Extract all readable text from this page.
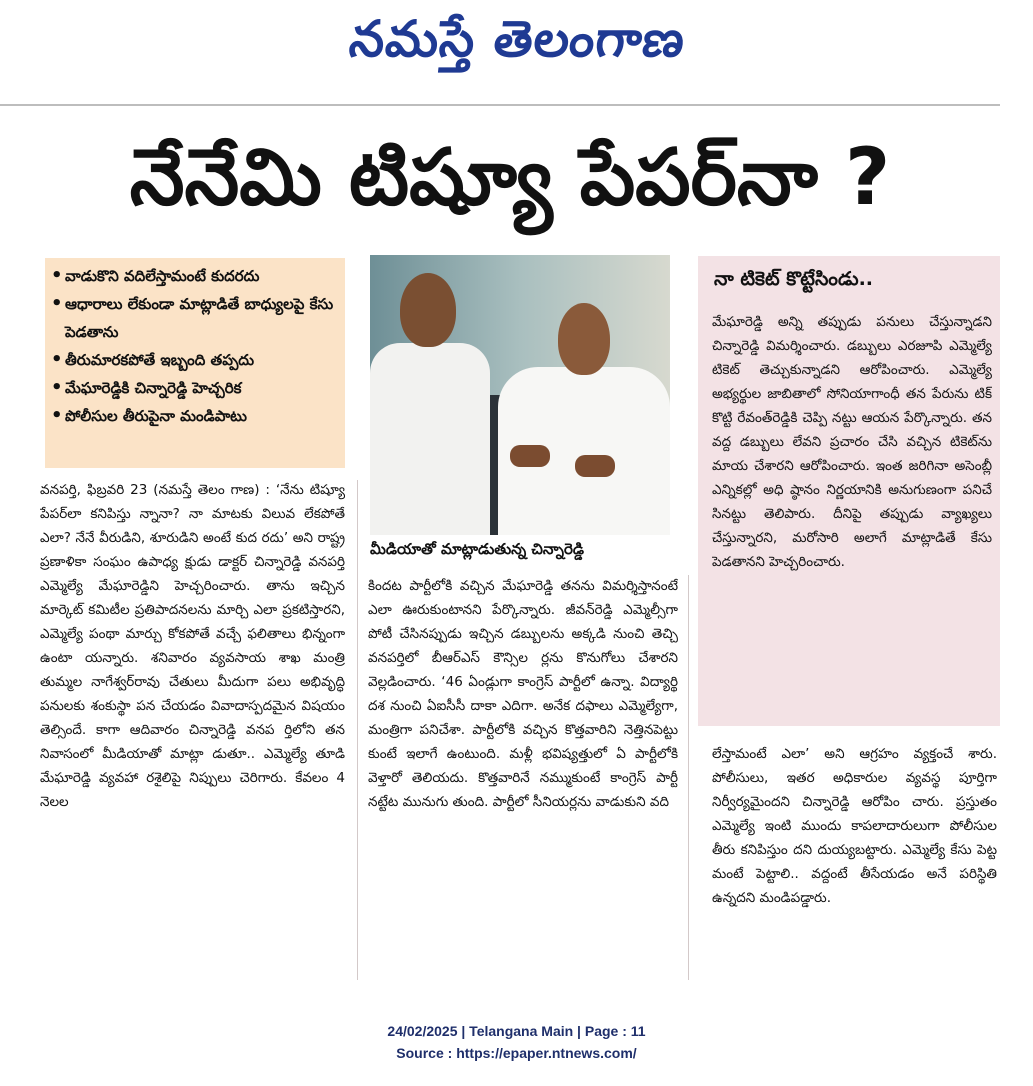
నమస్తే తెలంగాణ
నేనేమి టిష్యూ పేపర్‌నా ?
• వాడుకొని వదిలేస్తామంటే కుదరదు
• ఆధారాలు లేకుండా మాట్లాడితే బాధ్యులపై కేసు పెడతాను
• తీరుమారకపోతే ఇబ్బంది తప్పదు
• మేఘారెడ్డికి చిన్నారెడ్డి హెచ్చరిక
• పోలీసుల తీరుపైనా మండిపాటు
మీడియాతో మాట్లాడుతున్న చిన్నారెడ్డి
నా టికెట్ కొట్టేసిండు..

మేఘారెడ్డి అన్ని తప్పుడు పనులు చేస్తున్నాడని చిన్నారెడ్డి విమర్శించారు. డబ్బులు ఎరజూపి ఎమ్మెల్యే టికెట్ తెచ్చుకున్నాడని ఆరోపించారు. ఎమ్మెల్యే అభ్యర్థుల జాబితాలో సోనియాగాంధీ తన పేరును టిక్ కొట్టి రేవంత్‌రెడ్డికి చెప్పి నట్టు ఆయన పేర్కొన్నారు. తన వద్ద డబ్బులు లేవని ప్రచారం చేసి వచ్చిన టికెట్‌ను మాయ చేశారని ఆరోపించారు. ఇంత జరిగినా అసెంబ్లీ ఎన్నికల్లో అధి ష్ఠానం నిర్ణయానికి అనుగుణంగా పనిచే సినట్టు తెలిపారు. దీనిపై తప్పుడు వ్యాఖ్యలు చేస్తున్నారని, మరోసారి అలాగే మాట్లాడితే కేసు పెడతానని హెచ్చరించారు.

వనపర్తి, ఫిబ్రవరి 23 (నమస్తే తెలం గాణ) : ‘నేను టిష్యూ పేపర్‌లా కనిపిస్తు న్నానా? నా మాటకు విలువ లేకపోతే ఎలా? నేనే వీరుడిని, శూరుడిని అంటే కుద రదు’ అని రాష్ట్ర ప్రణాళికా సంఘం ఉపాధ్య క్షుడు డాక్టర్ చిన్నారెడ్డి వనపర్తి ఎమ్మెల్యే మేఘారెడ్డిని హెచ్చరించారు. తాను ఇచ్చిన మార్కెట్ కమిటీల ప్రతిపాదనలను మార్చి ఎలా ప్రకటిస్తారని, ఎమ్మెల్యే పంథా మార్చు కోకపోతే వచ్చే ఫలితాలు భిన్నంగా ఉంటా యన్నారు. శనివారం వ్యవసాయ శాఖ మంత్రి తుమ్మల నాగేశ్వర్‌రావు చేతులు మీదుగా పలు అభివృద్ధి పనులకు శంకుస్థా పన చేయడం వివాదాస్పదమైన విషయం తెల్సిందే. కాగా ఆదివారం చిన్నారెడ్డి వనప ర్తిలోని తన నివాసంలో మీడియాతో మాట్లా డుతూ.. ఎమ్మెల్యే తూడి మేఘారెడ్డి వ్యవహా రశైలిపై నిప్పులు చెరిగారు. కేవలం 4 నెలల

కిందట పార్టీలోకి వచ్చిన మేఘారెడ్డి తనను విమర్శిస్తానంటే ఎలా ఊరుకుంటానని పేర్కొన్నారు. జీవన్‌రెడ్డి ఎమ్మెల్సీగా పోటీ చేసినప్పుడు ఇచ్చిన డబ్బులను అక్కడి నుంచి తెచ్చి వనపర్తిలో బీఆర్‌ఎస్ కౌన్సిల ర్లను కొనుగోలు చేశారని వెల్లడించారు. ‘46 ఏండ్లుగా కాంగ్రెస్ పార్టీలో ఉన్నా. విద్యార్థి దశ నుంచి ఏఐసీసీ దాకా ఎదిగా. అనేక దఫాలు ఎమ్మెల్యేగా, మంత్రిగా పనిచేశా. పార్టీలోకి వచ్చిన కొత్తవారిని నెత్తినపెట్టు కుంటే ఇలాగే ఉంటుంది. మళ్లీ భవిష్యత్తులో ఏ పార్టీలోకి వెళ్తారో తెలియదు. కొత్తవారినే నమ్ముకుంటే కాంగ్రెస్ పార్టీ నట్టేట మునుగు తుంది. పార్టీలో సీనియర్లను వాడుకుని వది

లేస్తామంటే ఎలా’ అని ఆగ్రహం వ్యక్తంచే శారు. పోలీసులు, ఇతర అధికారుల వ్యవస్థ పూర్తిగా నిర్వీర్యమైందని చిన్నారెడ్డి ఆరోపిం చారు. ప్రస్తుతం ఎమ్మెల్యే ఇంటి ముందు కాపలాదారులుగా పోలీసుల తీరు కనిపిస్తుం దని దుయ్యబట్టారు. ఎమ్మెల్యే కేసు పెట్ట మంటే పెట్టాలి.. వద్దంటే తీసేయడం అనే పరిస్థితి ఉన్నదని మండిపడ్డారు.

24/02/2025 | Telangana Main | Page : 11
Source : https://epaper.ntnews.com/
